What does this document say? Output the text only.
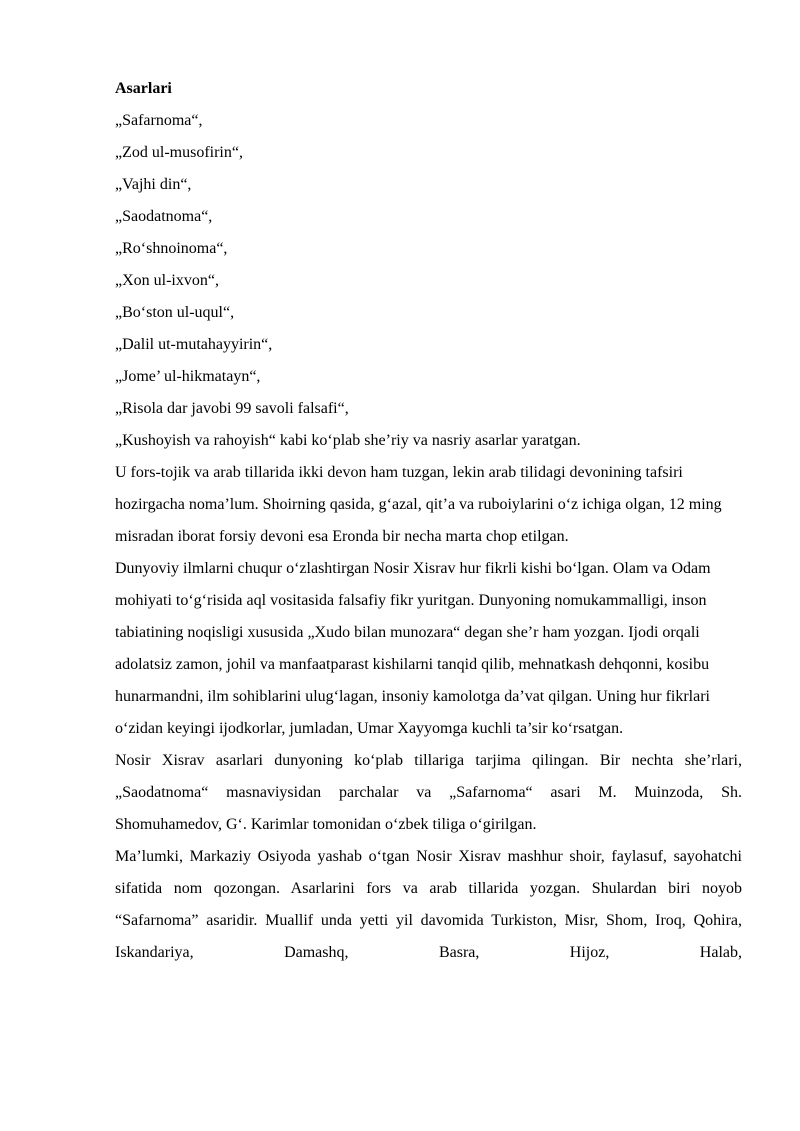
Asarlari

„Safarnoma“,
„Zod ul-musofirin“,
„Vajhi din“,
„Saodatnoma“,
„Ro‘shnoinoma“,
„Xon ul-ixvon“,
„Bo‘ston ul-uqul“,
„Dalil ut-mutahayyirin“,
„Jome’ ul-hikmatayn“,
„Risola dar javobi 99 savoli falsafi“,
„Kushoyish va rahoyish“ kabi ko‘plab she’riy va nasriy asarlar yaratgan.

U fors-tojik va arab tillarida ikki devon ham tuzgan, lekin arab tilidagi devonining tafsiri hozirgacha noma’lum. Shoirning qasida, g‘azal, qit’a va ruboiylarini o‘z ichiga olgan, 12 ming misradan iborat forsiy devoni esa Eronda bir necha marta chop etilgan.

Dunyoviy ilmlarni chuqur o‘zlashtirgan Nosir Xisrav hur fikrli kishi bo‘lgan. Olam va Odam mohiyati to‘g‘risida aql vositasida falsafiy fikr yuritgan. Dunyoning nomukammalligi, inson tabiatining noqisligi xususida „Xudo bilan munozara“ degan she’r ham yozgan. Ijodi orqali adolatsiz zamon, johil va manfaatparast kishilarni tanqid qilib, mehnatkash dehqonni, kosibu hunarmandni, ilm sohiblarini ulug‘lagan, insoniy kamolotga da’vat qilgan. Uning hur fikrlari o‘zidan keyingi ijodkorlar, jumladan, Umar Xayyomga kuchli ta’sir ko‘rsatgan.

Nosir Xisrav asarlari dunyoning ko‘plab tillariga tarjima qilingan. Bir nechta she’rlari, „Saodatnoma“ masnaviysidan parchalar va „Safarnoma“ asari M. Muinzoda, Sh. Shomuhamedov, G‘. Karimlar tomonidan o‘zbek tiliga o‘girilgan.

Ma’lumki, Markaziy Osiyoda yashab o‘tgan Nosir Xisrav mashhur shoir, faylasuf, sayohatchi sifatida nom qozongan. Asarlarini fors va arab tillarida yozgan. Shulardan biri noyob “Safarnoma” asaridir. Muallif unda yetti yil davomida Turkiston, Misr, Shom, Iroq, Qohira, Iskandariya, Damashq, Basra, Hijoz, Halab,
